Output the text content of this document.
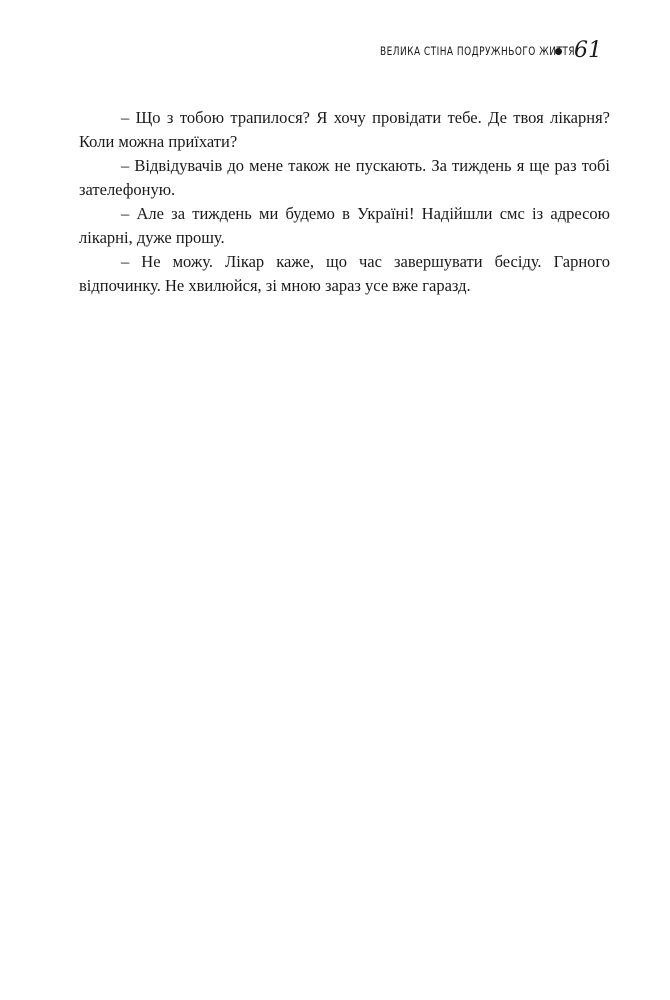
ВЕЛИКА СТІНА ПОДРУЖНЬОГО ЖИТТЯ 61

– Що з тобою трапилося? Я хочу провідати тебе. Де твоя лікарня? Коли можна приїхати?

– Відвідувачів до мене також не пускають. За тиждень я ще раз тобі зателефоную.

– Але за тиждень ми будемо в Україні! Надійшли смс із адресою лікарні, дуже прошу.

– Не можу. Лікар каже, що час завершувати бесіду. Гарного відпочинку. Не хвилюйся, зі мною зараз усе вже гаразд.
